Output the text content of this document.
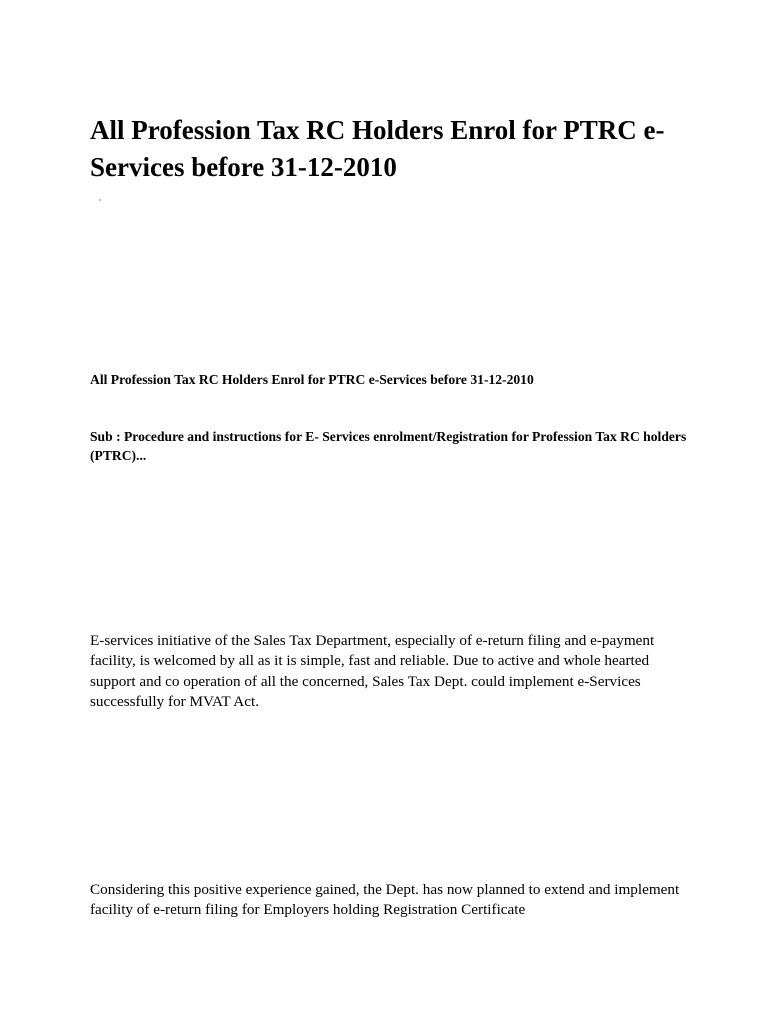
All Profession Tax RC Holders Enrol for PTRC e-Services before 31-12-2010

All Profession Tax RC Holders Enrol for PTRC e-Services before 31-12-2010

Sub : Procedure and instructions for E- Services enrolment/Registration for Profession Tax RC holders (PTRC)...

E-services initiative of the Sales Tax Department, especially of e-return filing and e-payment facility, is welcomed by all as it is simple, fast and reliable. Due to active and whole hearted support and co operation of all the concerned, Sales Tax Dept. could implement e-Services successfully for MVAT Act.

Considering this positive experience gained, the Dept. has now planned to extend and implement facility of e-return filing for Employers holding Registration Certificate
